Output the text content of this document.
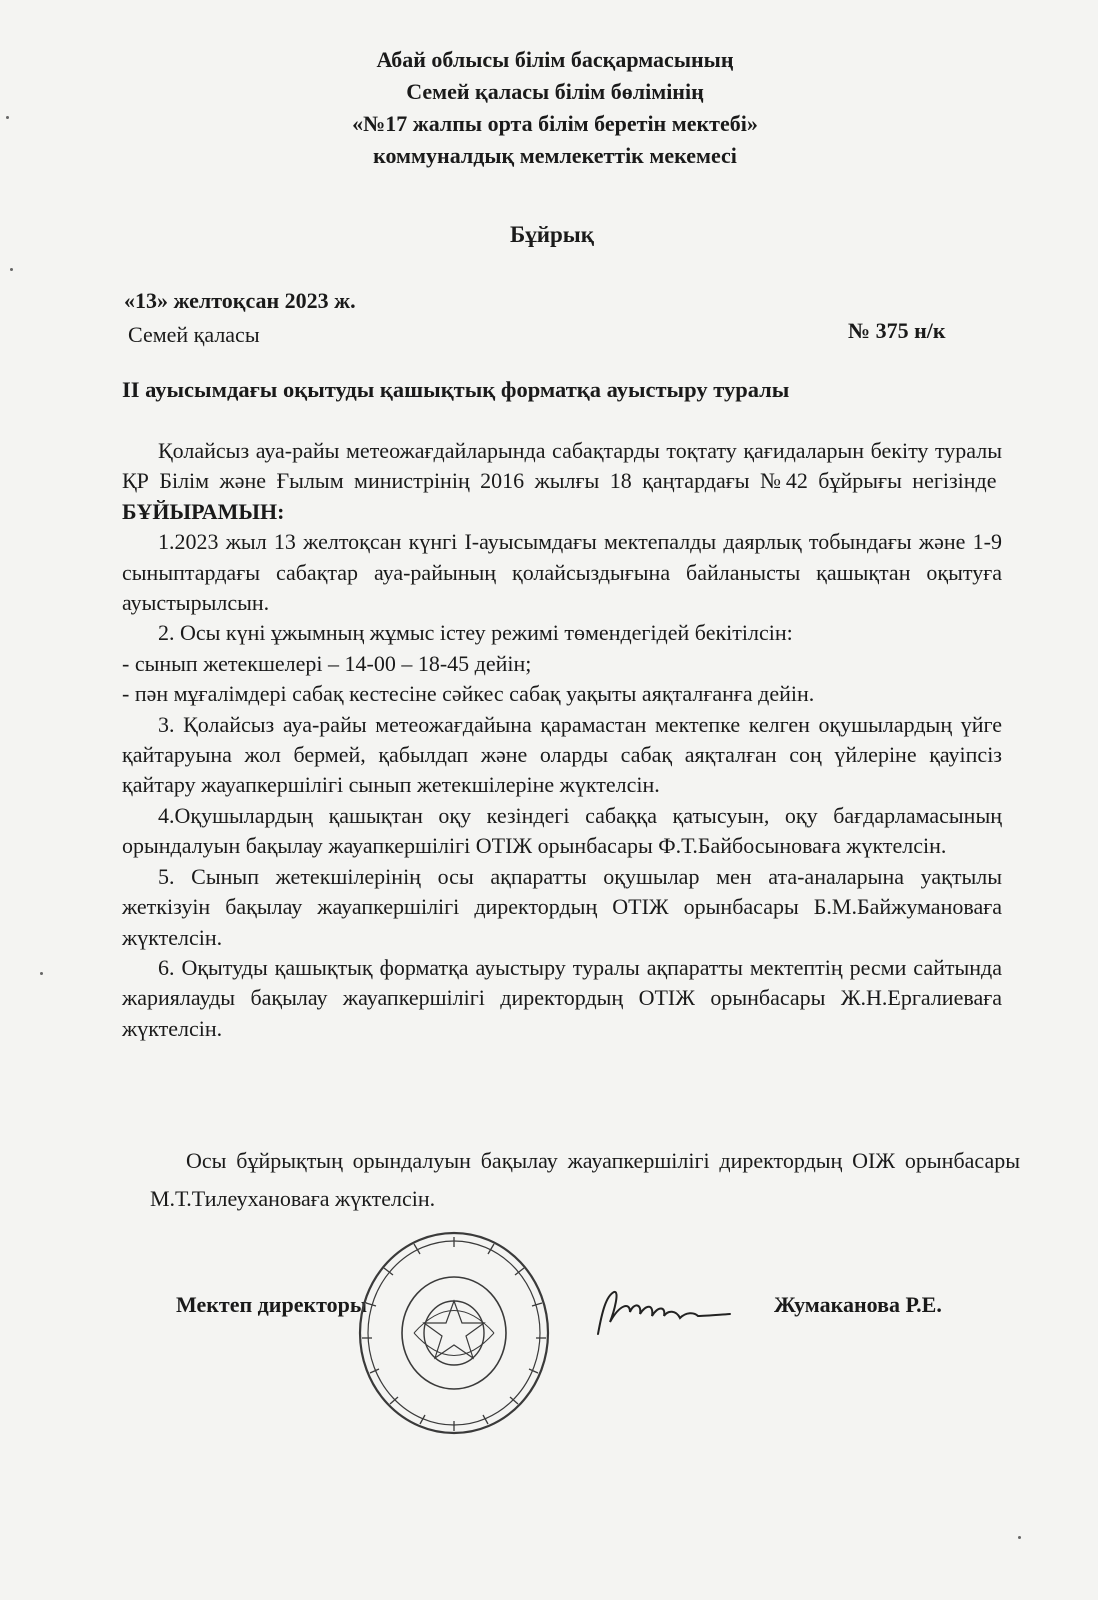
Абай облысы білім басқармасының
Семей қаласы білім бөлімінің
«№17 жалпы орта білім беретін мектебі»
коммуналдық мемлекеттік мекемесі
Бұйрық
«13» желтоқсан 2023 ж.
Семей қаласы	№ 375 н/к
ІІ ауысымдағы оқытуды қашықтық форматқа ауыстыру туралы

Қолайсыз ауа-райы метеожағдайларында сабақтарды тоқтату қағидаларын бекіту туралы ҚР Білім және Ғылым министрінің 2016 жылғы 18 қаңтардағы №42 бұйрығы негізінде  БҰЙЫРАМЫН:

1.2023 жыл 13 желтоқсан күнгі І-ауысымдағы мектепалды даярлық тобындағы және 1-9 сыныптардағы сабақтар ауа-райының қолайсыздығына байланысты қашықтан оқытуға ауыстырылсын.

2. Осы күні ұжымның жұмыс істеу режимі төмендегідей бекітілсін:

- сынып жетекшелері – 14-00 – 18-45 дейін;

- пән мұғалімдері сабақ кестесіне сәйкес сабақ уақыты аяқталғанға дейін.

3. Қолайсыз ауа-райы метеожағдайына қарамастан мектепке келген оқушылардың үйге қайтаруына жол бермей, қабылдап және оларды сабақ аяқталған соң үйлеріне қауіпсіз қайтару жауапкершілігі сынып жетекшілеріне жүктелсін.

4.Оқушылардың қашықтан оқу кезіндегі сабаққа қатысуын, оқу бағдарламасының орындалуын бақылау жауапкершілігі ОТІЖ орынбасары Ф.Т.Байбосыноваға жүктелсін.

5. Сынып жетекшілерінің осы ақпаратты оқушылар мен ата-аналарына уақтылы жеткізуін бақылау жауапкершілігі директордың ОТІЖ орынбасары Б.М.Байжумановаға жүктелсін.

6. Оқытуды қашықтық форматқа ауыстыру туралы ақпаратты мектептің ресми сайтында жариялауды бақылау жауапкершілігі директордың ОТІЖ орынбасары Ж.Н.Ергалиеваға жүктелсін.

Осы бұйрықтың орындалуын бақылау жауапкершілігі директордың ОІЖ орынбасары М.Т.Тилеухановаға жүктелсін.

Мектеп директоры	Жумаканова Р.Е.
